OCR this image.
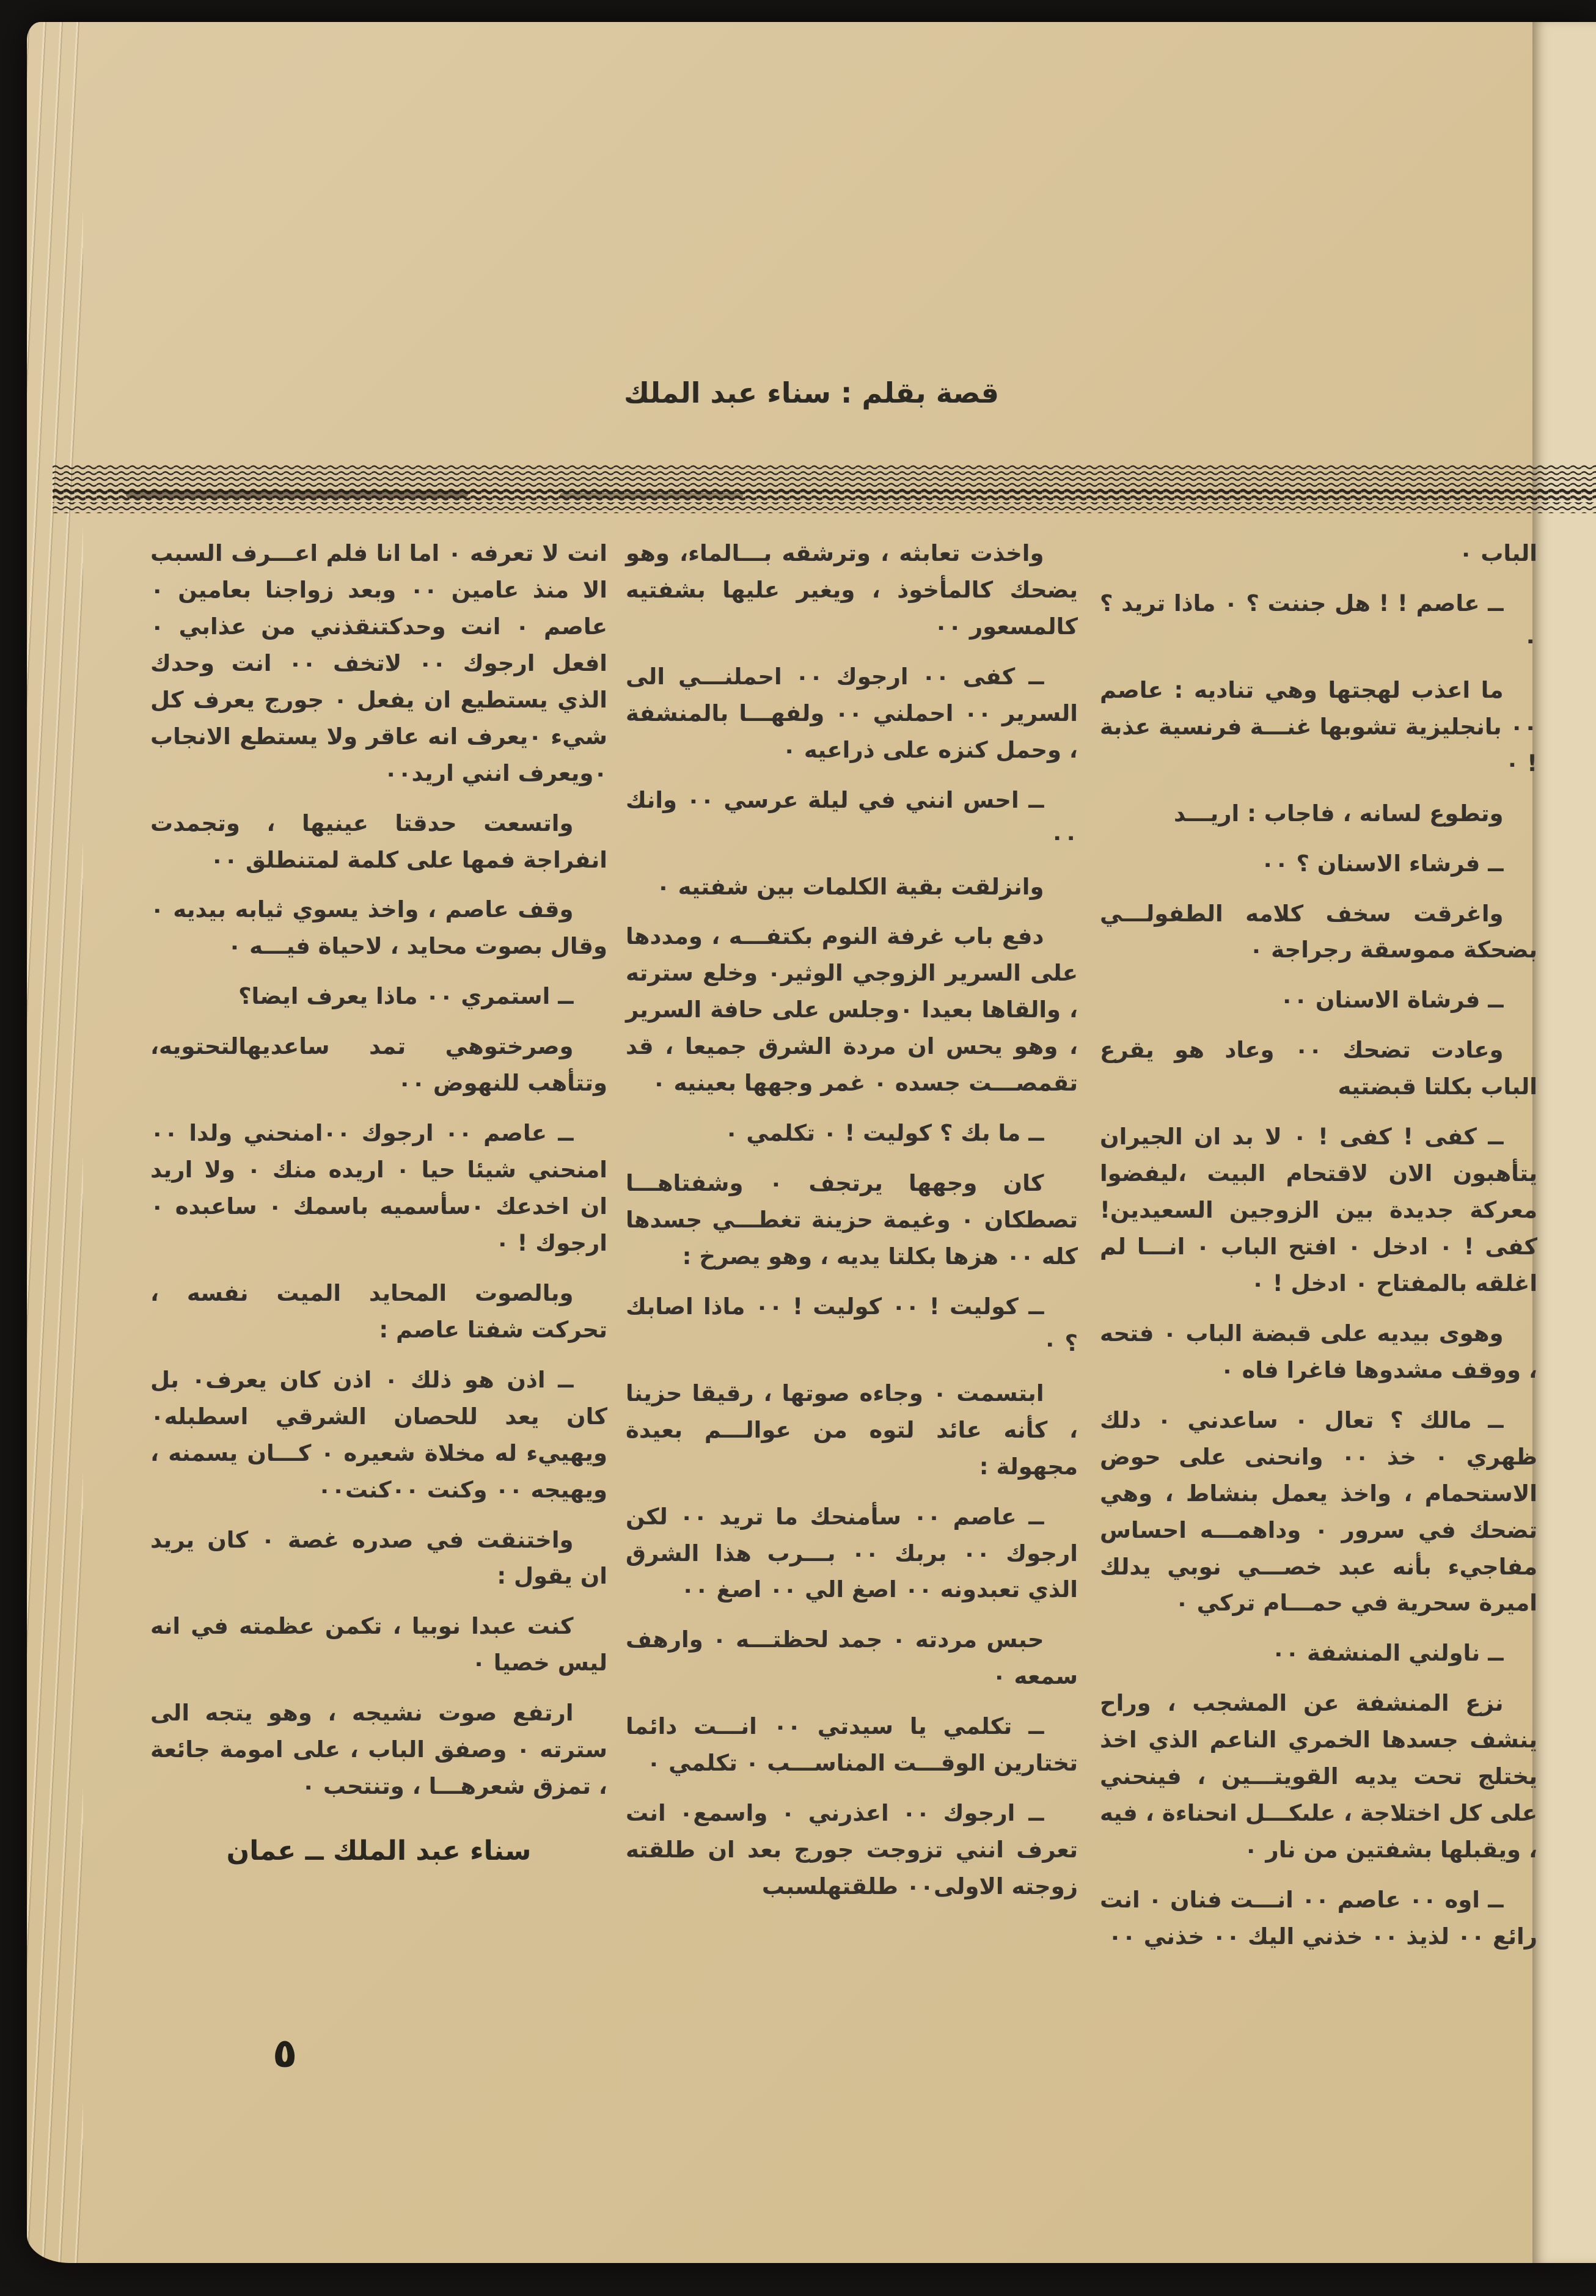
قصة بقلم : سناء عبد الملك

الباب ٠

ــ عاصم ! ! هل جننت ؟ ٠ ماذا تريد ؟ ٠

ما اعذب لهجتها وهي تناديه : عاصم ٠٠ بانجليزية تشوبها غنـــة فرنسية عذبة ! ٠

وتطوع لسانه ، فاجاب : اريـــد

ــ فرشاء الاسنان ؟ ٠٠

واغرقت سخف كلامه الطفولـــي بضحكة مموسقة رجراجة ٠

ــ فرشاة الاسنان ٠٠

وعادت تضحك ٠٠ وعاد هو يقرع الباب بكلتا قبضتيه

ــ كفى ! كفى ! ٠ لا بد ان الجيران يتأهبون الان لاقتحام البيت ،ليفضوا معركة جديدة بين الزوجين السعيدين! كفى ! ٠ ادخل ٠ افتح الباب ٠ انـــا لم اغلقه بالمفتاح ٠ ادخل ! ٠

وهوى بيديه على قبضة الباب ٠ فتحه ، ووقف مشدوها فاغرا فاه ٠

ــ مالك ؟ تعال ٠ ساعدني ٠ دلك ظهري ٠ خذ ٠٠ وانحنى على حوض الاستحمام ، واخذ يعمل بنشاط ، وهي تضحك في سرور ٠ وداهمـــه احساس مفاجيء بأنه عبد خصـــي نوبي يدلك اميرة سحرية في حمـــام تركي ٠

ــ ناولني المنشفة ٠٠

نزع المنشفة عن المشجب ، وراح ينشف جسدها الخمري الناعم الذي اخذ يختلج تحت يديه القويتـــين ، فينحني على كل اختلاجة ، علىكـــل انحناءة ، فيه ، ويقبلها بشفتين من نار ٠

ــ اوه ٠٠ عاصم ٠٠ انـــت فنان ٠ انت رائع ٠٠ لذيذ ٠٠ خذني اليك ٠٠ خذني ٠٠

واخذت تعابثه ، وترشقه بـــالماء، وهو يضحك كالمأخوذ ، ويغير عليها بشفتيه كالمسعور ٠٠

ــ كفى ٠٠ ارجوك ٠٠ احملنـــي الى السرير ٠٠ احملني ٠٠ ولفهـــا بالمنشفة ، وحمل كنزه على ذراعيه ٠

ــ احس انني في ليلة عرسي ٠٠ وانك ٠٠

وانزلقت بقية الكلمات بين شفتيه ٠

دفع باب غرفة النوم بكتفـــه ، ومددها على السرير الزوجي الوثير٠ وخلع سترته ، والقاها بعيدا ٠وجلس على حافة السرير ، وهو يحس ان مردة الشرق جميعا ، قد تقمصـــت جسده ٠ غمر وجهها بعينيه ٠

ــ ما بك ؟ كوليت ! ٠ تكلمي ٠

كان وجهها يرتجف ٠ وشفتاهـــا تصطكان ٠ وغيمة حزينة تغطـــي جسدها كله ٠٠ هزها بكلتا يديه ، وهو يصرخ :

ــ كوليت ! ٠٠ كوليت ! ٠٠ ماذا اصابك ؟ ٠

ابتسمت ٠ وجاءه صوتها ، رقيقا حزينا ، كأنه عائد لتوه من عوالـــم بعيدة مجهولة :

ــ عاصم ٠٠ سأمنحك ما تريد ٠٠ لكن ارجوك ٠٠ بربك ٠٠ بـــرب هذا الشرق الذي تعبدونه ٠٠ اصغ الي ٠٠ اصغ ٠٠

حبس مردته ٠ جمد لحظتـــه ٠ وارهف سمعه ٠

ــ تكلمي يا سيدتي ٠٠ انـــت دائما تختارين الوقـــت المناســـب ٠ تكلمي ٠

ــ ارجوك ٠٠ اعذرني ٠ واسمع٠ انت تعرف انني تزوجت جورج بعد ان طلقته زوجته الاولى٠٠ طلقتهلسبب

انت لا تعرفه ٠ اما انا فلم اعـــرف السبب الا منذ عامين ٠٠ وبعد زواجنا بعامين ٠ عاصم ٠ انت وحدكتنقذني من عذابي ٠ افعل ارجوك ٠٠ لاتخف ٠٠ انت وحدك الذي يستطيع ان يفعل ٠ جورج يعرف كل شيء ٠يعرف انه عاقر ولا يستطع الانجاب ٠ويعرف انني اريد٠٠

واتسعت حدقتا عينيها ، وتجمدت انفراجة فمها على كلمة لمتنطلق ٠٠

وقف عاصم ، واخذ يسوي ثيابه بيديه ٠ وقال بصوت محايد ، لاحياة فيـــه ٠

ــ استمري ٠٠ ماذا يعرف ايضا؟

وصرختوهي تمد ساعديهالتحتويه، وتتأهب للنهوض ٠٠

ــ عاصم ٠٠ ارجوك ٠٠امنحني ولدا ٠٠ امنحني شيئا حيا ٠ اريده منك ٠ ولا اريد ان اخدعك ٠سأسميه باسمك ٠ ساعبده ٠ ارجوك ! ٠

وبالصوت المحايد الميت نفسه ، تحركت شفتا عاصم :

ــ اذن هو ذلك ٠ اذن كان يعرف٠ بل كان يعد للحصان الشرقي اسطبله٠ ويهييء له مخلاة شعيره ٠ كـــان يسمنه ، ويهيجه ٠٠ وكنت ٠٠كنت٠٠

واختنقت في صدره غصة ٠ كان يريد ان يقول :

كنت عبدا نوبيا ، تكمن عظمته في انه ليس خصيا ٠

ارتفع صوت نشيجه ، وهو يتجه الى سترته ٠ وصفق الباب ، على امومة جائعة ، تمزق شعرهـــا ، وتنتحب ٠

سناء عبد الملك ــ عمان

٥
